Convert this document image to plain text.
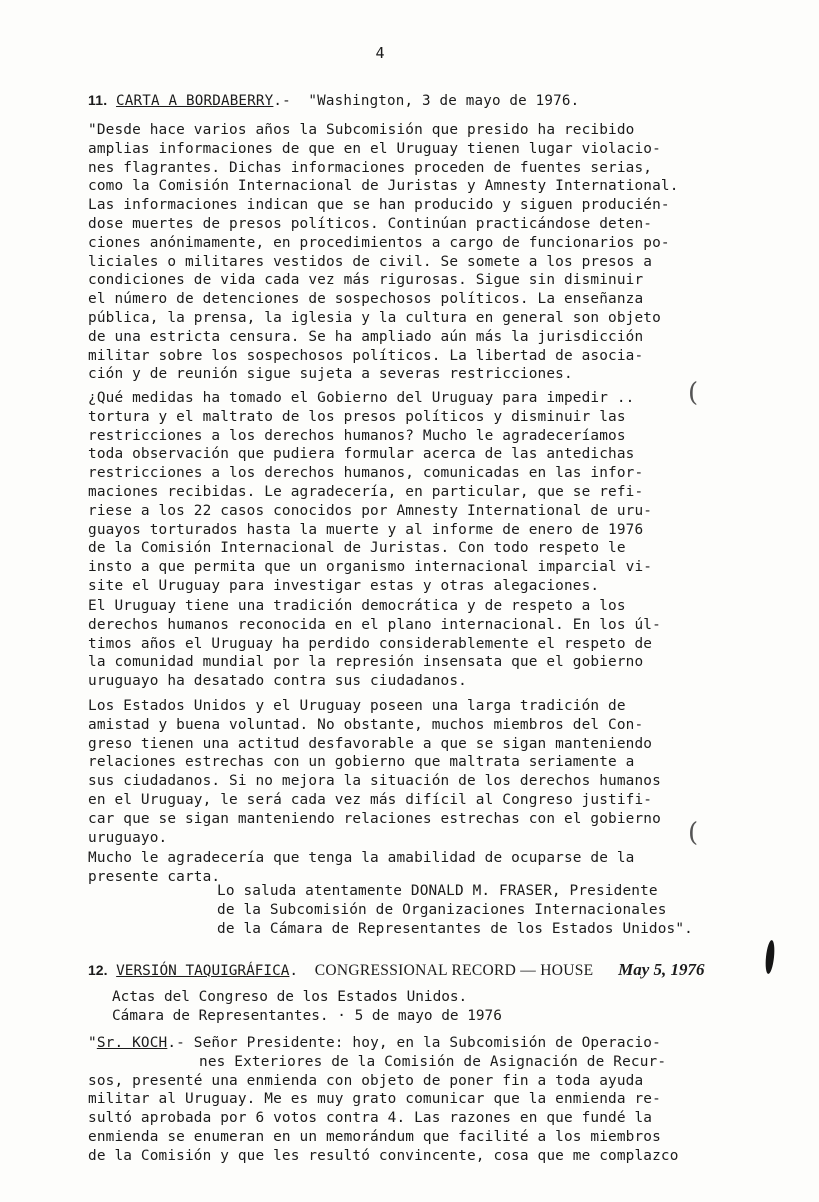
4
11. CARTA A BORDABERRY.- "Washington, 3 de mayo de 1976.

"Desde hace varios años la Subcomisión que presido ha recibido

amplias informaciones de que en el Uruguay tienen lugar violacio-

nes flagrantes. Dichas informaciones proceden de fuentes serias,

como la Comisión Internacional de Juristas y Amnesty International.

Las informaciones indican que se han producido y siguen producién-

dose muertes de presos políticos. Continúan practicándose deten-

ciones anónimamente, en procedimientos a cargo de funcionarios po-

liciales o militares vestidos de civil. Se somete a los presos a

condiciones de vida cada vez más rigurosas. Sigue sin disminuir

el número de detenciones de sospechosos políticos. La enseñanza

pública, la prensa, la iglesia y la cultura en general son objeto

de una estricta censura. Se ha ampliado aún más la jurisdicción

militar sobre los sospechosos políticos. La libertad de asocia-

ción y de reunión sigue sujeta a severas restricciones.

¿Qué medidas ha tomado el Gobierno del Uruguay para impedir ..

tortura y el maltrato de los presos políticos y disminuir las

restricciones a los derechos humanos? Mucho le agradeceríamos

toda observación que pudiera formular acerca de las antedichas

restricciones a los derechos humanos, comunicadas en las infor-

maciones recibidas. Le agradecería, en particular, que se refi-

riese a los 22 casos conocidos por Amnesty International de uru-

guayos torturados hasta la muerte y al informe de enero de 1976

de la Comisión Internacional de Juristas. Con todo respeto le

insto a que permita que un organismo internacional imparcial vi-

site el Uruguay para investigar estas y otras alegaciones.

El Uruguay tiene una tradición democrática y de respeto a los

derechos humanos reconocida en el plano internacional. En los úl-

timos años el Uruguay ha perdido considerablemente el respeto de

la comunidad mundial por la represión insensata que el gobierno

uruguayo ha desatado contra sus ciudadanos.

Los Estados Unidos y el Uruguay poseen una larga tradición de

amistad y buena voluntad. No obstante, muchos miembros del Con-

greso tienen una actitud desfavorable a que se sigan manteniendo

relaciones estrechas con un gobierno que maltrata seriamente a

sus ciudadanos. Si no mejora la situación de los derechos humanos

en el Uruguay, le será cada vez más difícil al Congreso justifi-

car que se sigan manteniendo relaciones estrechas con el gobierno

uruguayo.

Mucho le agradecería que tenga la amabilidad de ocuparse de la

presente carta.

Lo saluda atentamente DONALD M. FRASER, Presidente

de la Subcomisión de Organizaciones Internacionales

de la Cámara de Representantes de los Estados Unidos".

12. VERSIÓN TAQUIGRÁFICA. CONGRESSIONAL RECORD — HOUSE May 5, 1976

Actas del Congreso de los Estados Unidos.

Cámara de Representantes. · 5 de mayo de 1976

"Sr. KOCH.- Señor Presidente: hoy, en la Subcomisión de Operacio-

nes Exteriores de la Comisión de Asignación de Recur-

sos, presenté una enmienda con objeto de poner fin a toda ayuda

militar al Uruguay. Me es muy grato comunicar que la enmienda re-

sultó aprobada por 6 votos contra 4. Las razones en que fundé la

enmienda se enumeran en un memorándum que facilité a los miembros

de la Comisión y que les resultó convincente, cosa que me complazco

(
(
